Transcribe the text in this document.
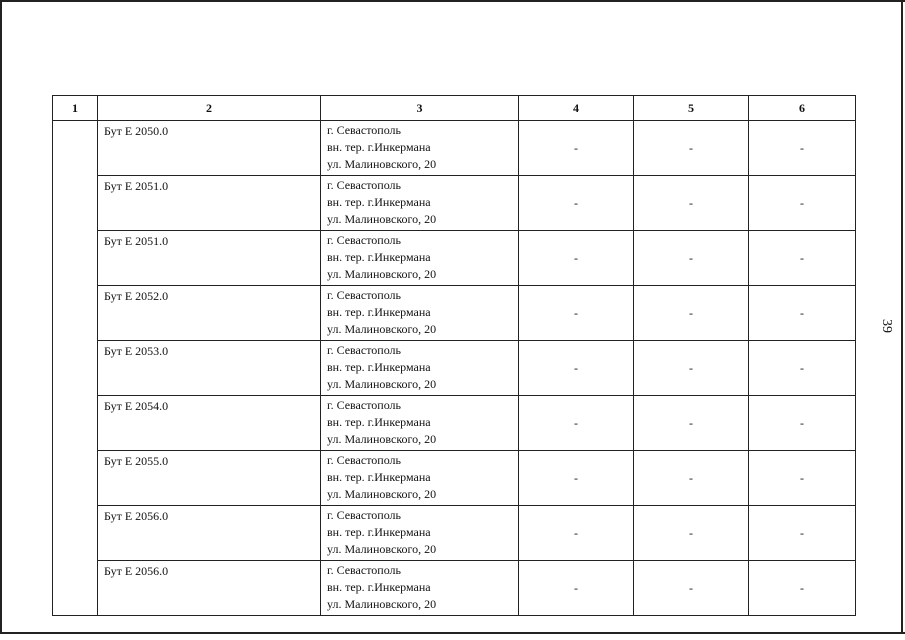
39
1	2	3	4	5	6
	Бут Е 2050.0	г. Севастополь
вн. тер. г.Инкермана
ул. Малиновского, 20	-	-	-
	Бут Е 2051.0	г. Севастополь
вн. тер. г.Инкермана
ул. Малиновского, 20	-	-	-
	Бут Е 2051.0	г. Севастополь
вн. тер. г.Инкермана
ул. Малиновского, 20	-	-	-
	Бут Е 2052.0	г. Севастополь
вн. тер. г.Инкермана
ул. Малиновского, 20	-	-	-
	Бут Е 2053.0	г. Севастополь
вн. тер. г.Инкермана
ул. Малиновского, 20	-	-	-
	Бут Е 2054.0	г. Севастополь
вн. тер. г.Инкермана
ул. Малиновского, 20	-	-	-
	Бут Е 2055.0	г. Севастополь
вн. тер. г.Инкермана
ул. Малиновского, 20	-	-	-
	Бут Е 2056.0	г. Севастополь
вн. тер. г.Инкермана
ул. Малиновского, 20	-	-	-
	Бут Е 2056.0	г. Севастополь
вн. тер. г.Инкермана
ул. Малиновского, 20	-	-	-
